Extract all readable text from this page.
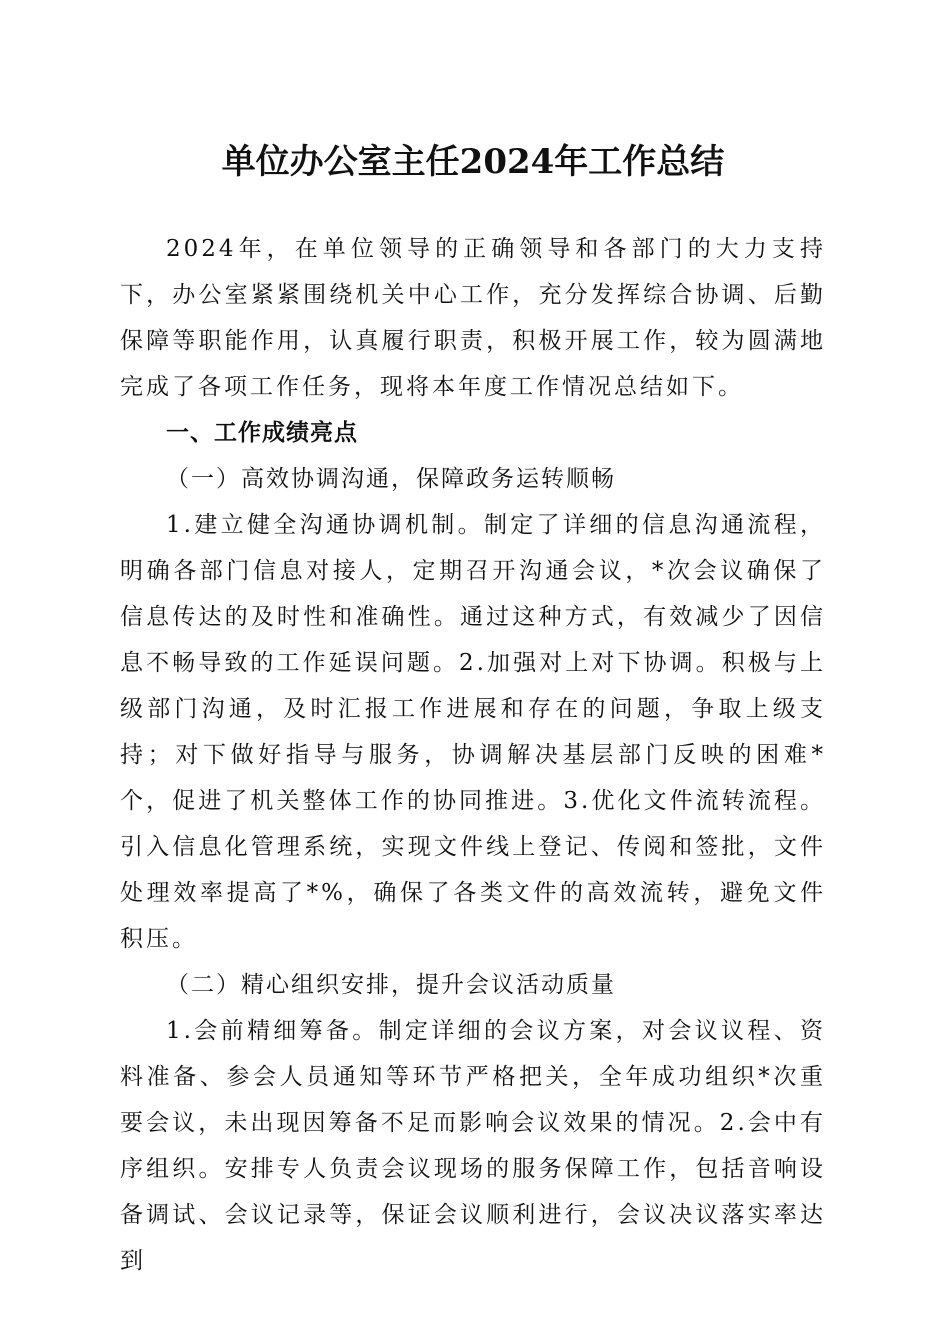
单位办公室主任2024年工作总结

2024年，在单位领导的正确领导和各部门的大力支持下，办公室紧紧围绕机关中心工作，充分发挥综合协调、后勤保障等职能作用，认真履行职责，积极开展工作，较为圆满地完成了各项工作任务，现将本年度工作情况总结如下。

一、工作成绩亮点

（一）高效协调沟通，保障政务运转顺畅

1.建立健全沟通协调机制。制定了详细的信息沟通流程，明确各部门信息对接人，定期召开沟通会议，*次会议确保了信息传达的及时性和准确性。通过这种方式，有效减少了因信息不畅导致的工作延误问题。2.加强对上对下协调。积极与上级部门沟通，及时汇报工作进展和存在的问题，争取上级支持；对下做好指导与服务，协调解决基层部门反映的困难*个，促进了机关整体工作的协同推进。3.优化文件流转流程。引入信息化管理系统，实现文件线上登记、传阅和签批，文件处理效率提高了*%，确保了各类文件的高效流转，避免文件积压。

（二）精心组织安排，提升会议活动质量

1.会前精细筹备。制定详细的会议方案，对会议议程、资料准备、参会人员通知等环节严格把关，全年成功组织*次重要会议，未出现因筹备不足而影响会议效果的情况。2.会中有序组织。安排专人负责会议现场的服务保障工作，包括音响设备调试、会议记录等，保证会议顺利进行，会议决议落实率达到
